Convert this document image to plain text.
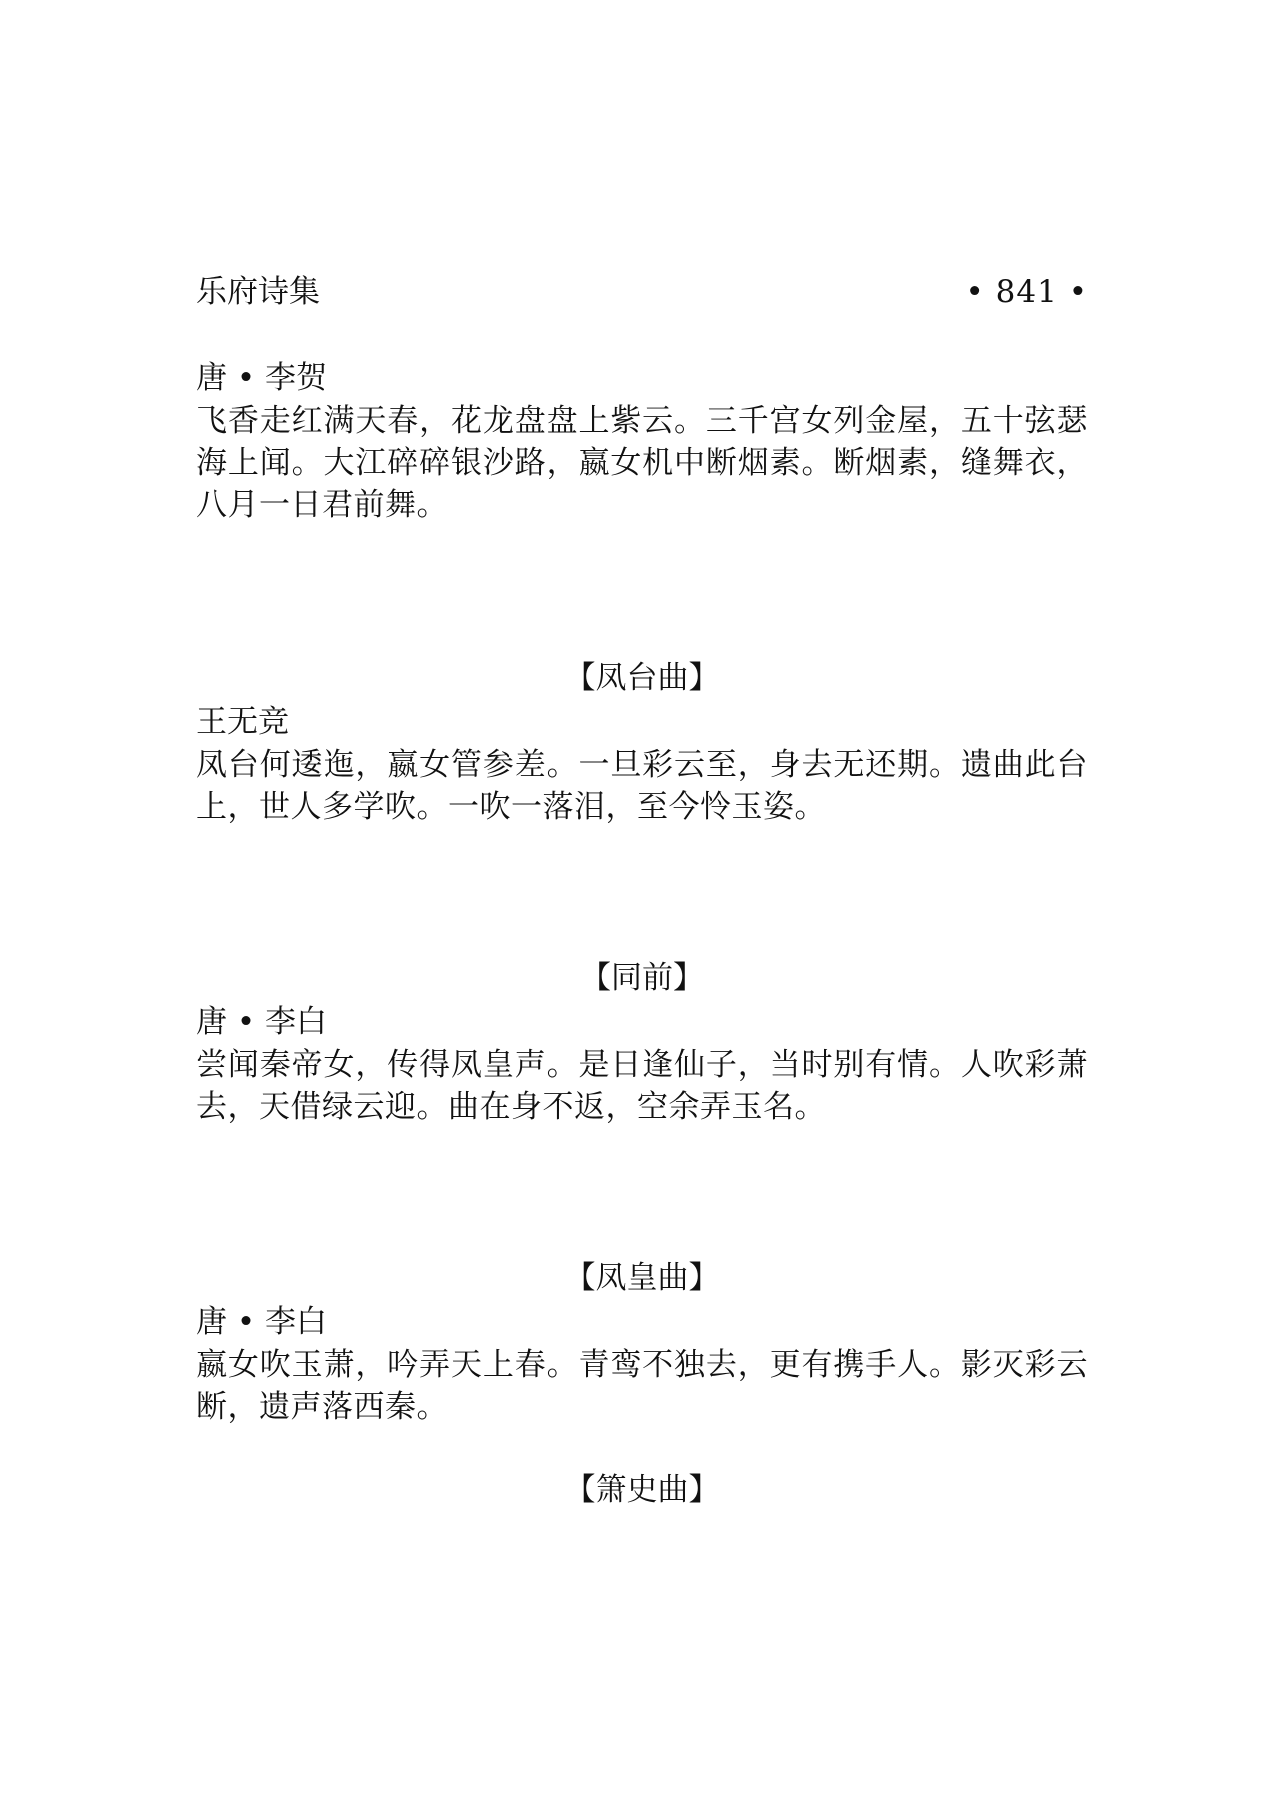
乐府诗集	• 841 •
唐 • 李贺

飞香走红满天春，花龙盘盘上紫云。三千宫女列金屋，五十弦瑟海上闻。大江碎碎银沙路，嬴女机中断烟素。断烟素，缝舞衣，八月一日君前舞。

【凤台曲】
王无竞

凤台何逶迤，嬴女管参差。一旦彩云至，身去无还期。遗曲此台上，世人多学吹。一吹一落泪，至今怜玉姿。

【同前】
唐 • 李白

尝闻秦帝女，传得凤皇声。是日逢仙子，当时别有情。人吹彩萧去，天借绿云迎。曲在身不返，空余弄玉名。

【凤皇曲】
唐 • 李白

嬴女吹玉萧，吟弄天上春。青鸾不独去，更有携手人。影灭彩云断，遗声落西秦。

【箫史曲】
